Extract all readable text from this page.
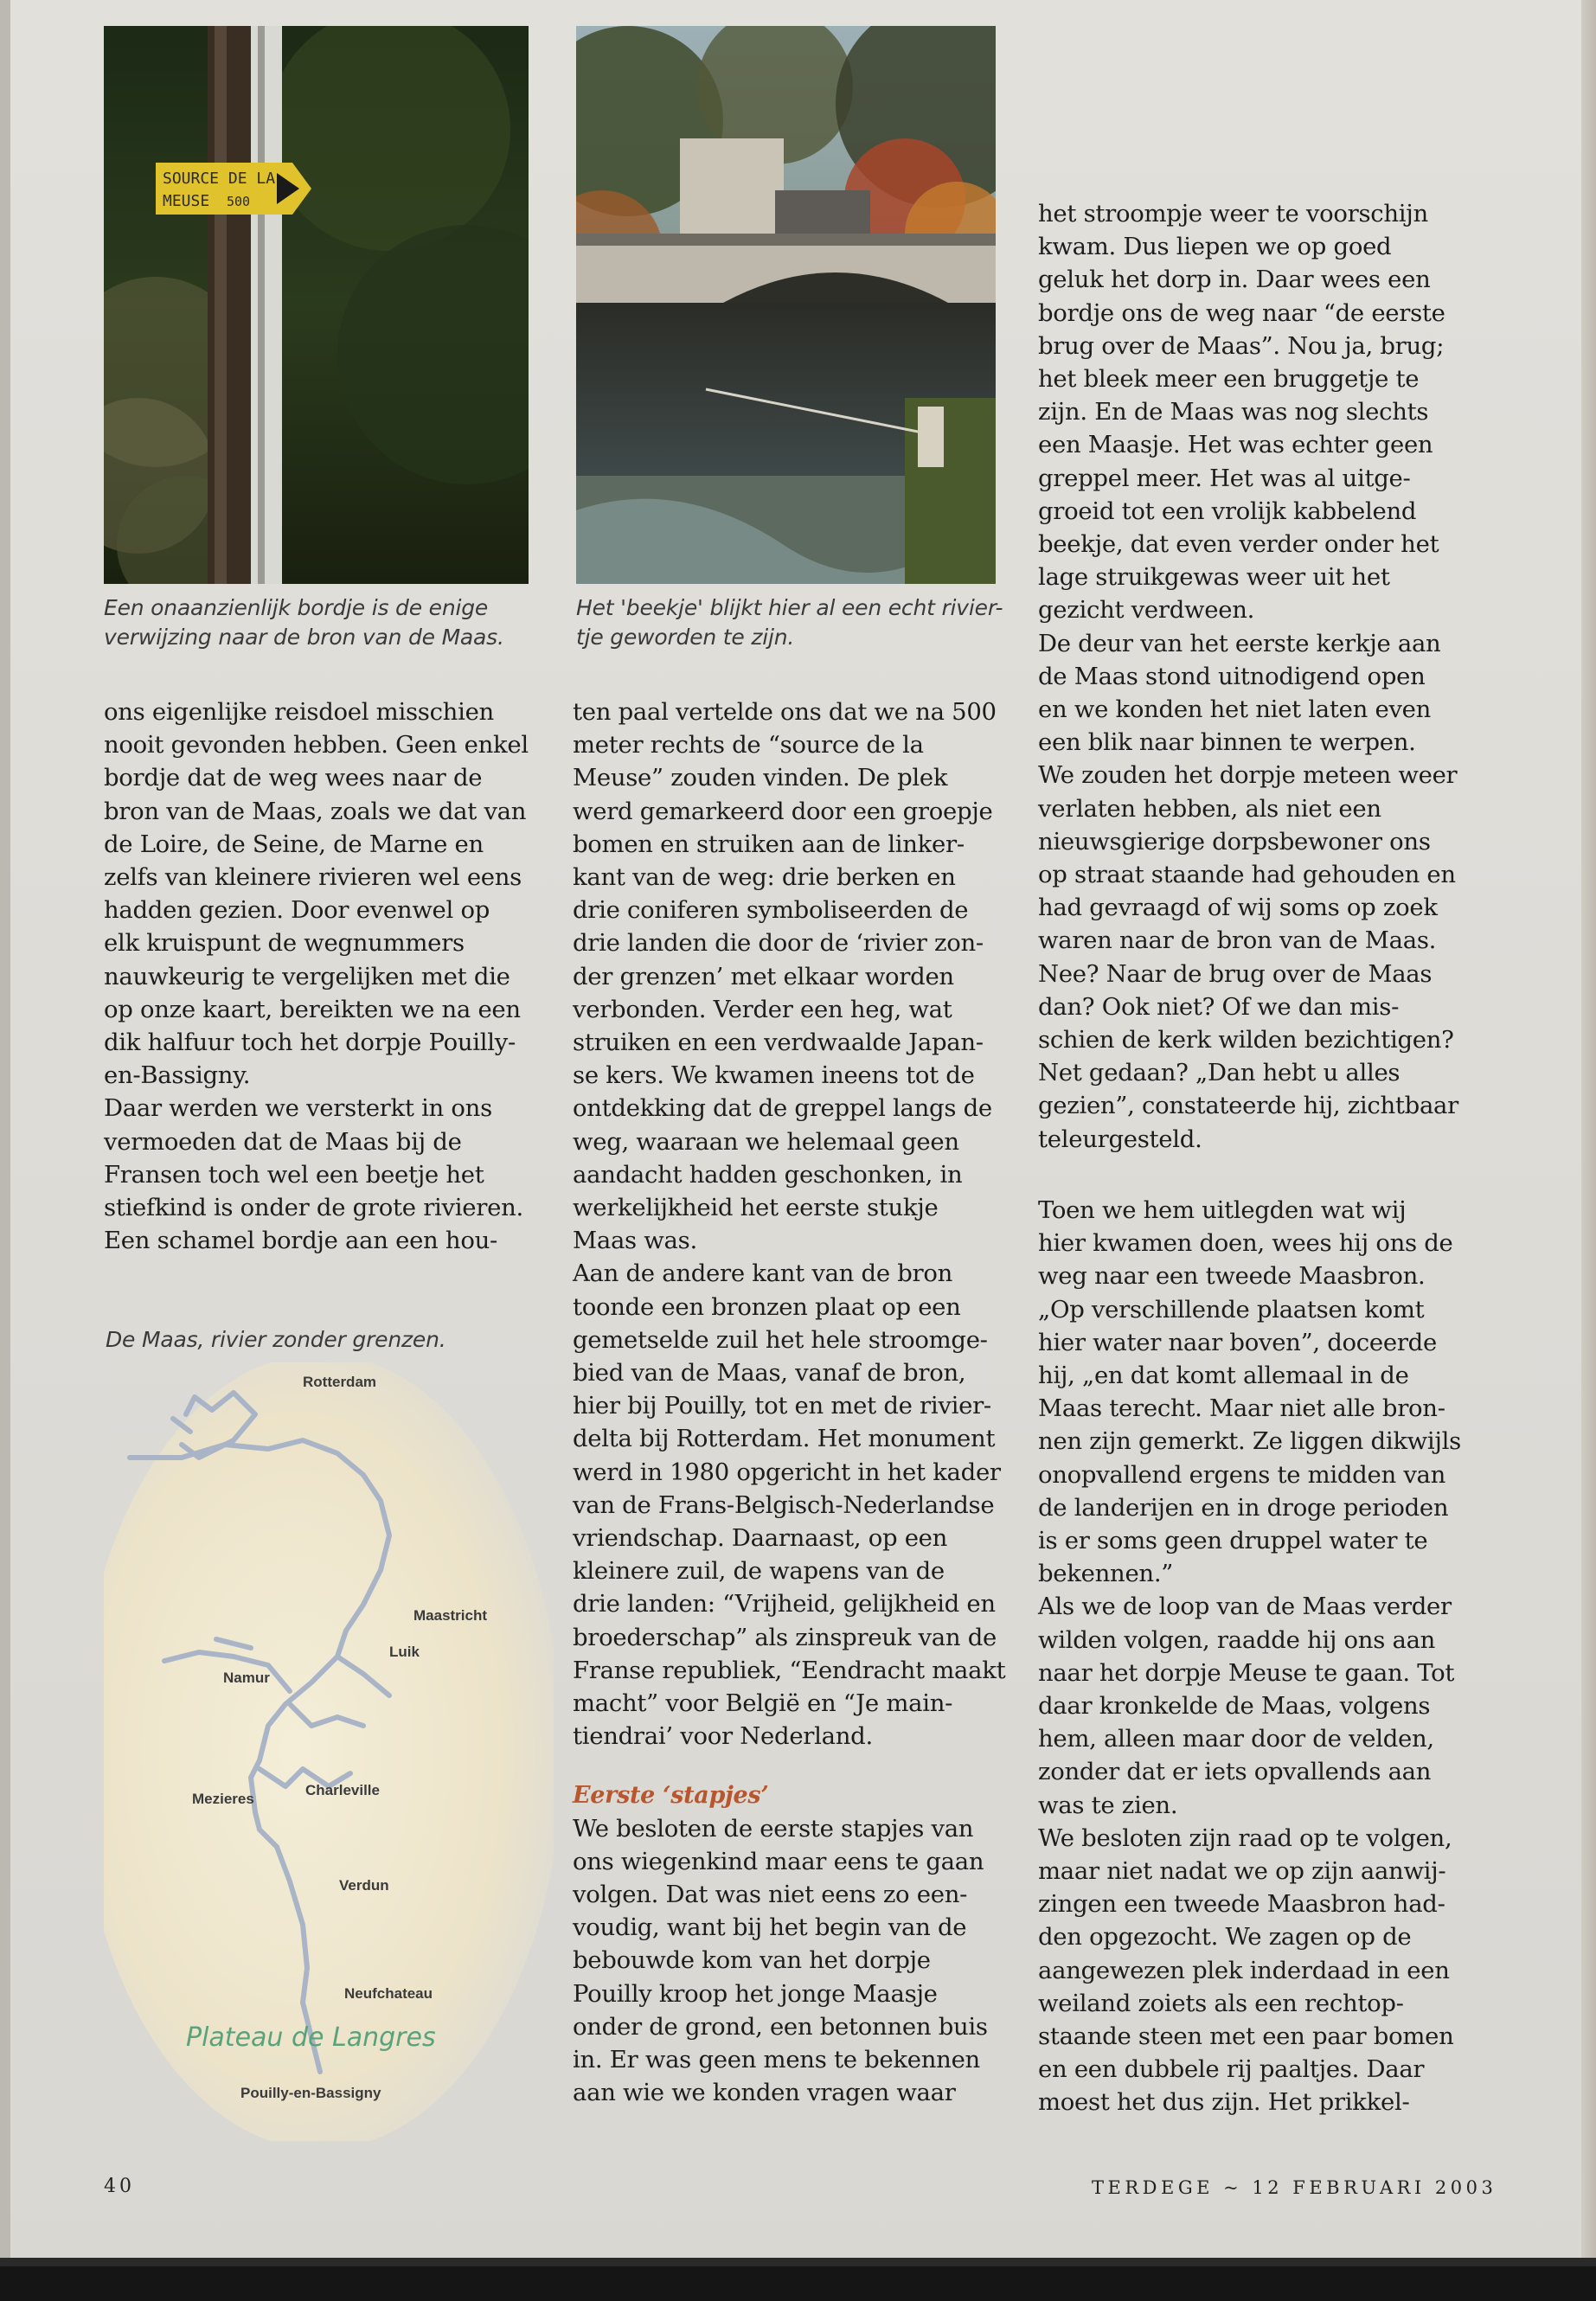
SOURCE DE LA
MEUSE 500
Een onaanzienlijk bordje is de enige
verwijzing naar de bron van de Maas.
Het 'beekje' blijkt hier al een echt rivier-
tje geworden te zijn.

ons eigenlijke reisdoel misschien

nooit gevonden hebben. Geen enkel

bordje dat de weg wees naar de

bron van de Maas, zoals we dat van

de Loire, de Seine, de Marne en

zelfs van kleinere rivieren wel eens

hadden gezien. Door evenwel op

elk kruispunt de wegnummers

nauwkeurig te vergelijken met die

op onze kaart, bereikten we na een

dik halfuur toch het dorpje Pouilly-

en-Bassigny.

Daar werden we versterkt in ons

vermoeden dat de Maas bij de

Fransen toch wel een beetje het

stiefkind is onder de grote rivieren.

Een schamel bordje aan een hou-

De Maas, rivier zonder grenzen.
Rotterdam
Maastricht
Luik
Namur
Mezieres
Charleville
Verdun
Neufchateau
Plateau de Langres
Pouilly-en-Bassigny

ten paal vertelde ons dat we na 500

meter rechts de “source de la

Meuse” zouden vinden. De plek

werd gemarkeerd door een groepje

bomen en struiken aan de linker-

kant van de weg: drie berken en

drie coniferen symboliseerden de

drie landen die door de ‘rivier zon-

der grenzen’ met elkaar worden

verbonden. Verder een heg, wat

struiken en een verdwaalde Japan-

se kers. We kwamen ineens tot de

ontdekking dat de greppel langs de

weg, waaraan we helemaal geen

aandacht hadden geschonken, in

werkelijkheid het eerste stukje

Maas was.

Aan de andere kant van de bron

toonde een bronzen plaat op een

gemetselde zuil het hele stroomge-

bied van de Maas, vanaf de bron,

hier bij Pouilly, tot en met de rivier-

delta bij Rotterdam. Het monument

werd in 1980 opgericht in het kader

van de Frans-Belgisch-Nederlandse

vriendschap. Daarnaast, op een

kleinere zuil, de wapens van de

drie landen: “Vrijheid, gelijkheid en

broederschap” als zinspreuk van de

Franse republiek, “Eendracht maakt

macht” voor België en “Je main-

tiendrai’ voor Nederland.

Eerste ‘stapjes’

We besloten de eerste stapjes van

ons wiegenkind maar eens te gaan

volgen. Dat was niet eens zo een-

voudig, want bij het begin van de

bebouwde kom van het dorpje

Pouilly kroop het jonge Maasje

onder de grond, een betonnen buis

in. Er was geen mens te bekennen

aan wie we konden vragen waar

het stroompje weer te voorschijn

kwam. Dus liepen we op goed

geluk het dorp in. Daar wees een

bordje ons de weg naar “de eerste

brug over de Maas”. Nou ja, brug;

het bleek meer een bruggetje te

zijn. En de Maas was nog slechts

een Maasje. Het was echter geen

greppel meer. Het was al uitge-

groeid tot een vrolijk kabbelend

beekje, dat even verder onder het

lage struikgewas weer uit het

gezicht verdween.

De deur van het eerste kerkje aan

de Maas stond uitnodigend open

en we konden het niet laten even

een blik naar binnen te werpen.

We zouden het dorpje meteen weer

verlaten hebben, als niet een

nieuwsgierige dorpsbewoner ons

op straat staande had gehouden en

had gevraagd of wij soms op zoek

waren naar de bron van de Maas.

Nee? Naar de brug over de Maas

dan? Ook niet? Of we dan mis-

schien de kerk wilden bezichtigen?

Net gedaan? „Dan hebt u alles

gezien”, constateerde hij, zichtbaar

teleurgesteld.

Toen we hem uitlegden wat wij

hier kwamen doen, wees hij ons de

weg naar een tweede Maasbron.

„Op verschillende plaatsen komt

hier water naar boven”, doceerde

hij, „en dat komt allemaal in de

Maas terecht. Maar niet alle bron-

nen zijn gemerkt. Ze liggen dikwijls

onopvallend ergens te midden van

de landerijen en in droge perioden

is er soms geen druppel water te

bekennen.”

Als we de loop van de Maas verder

wilden volgen, raadde hij ons aan

naar het dorpje Meuse te gaan. Tot

daar kronkelde de Maas, volgens

hem, alleen maar door de velden,

zonder dat er iets opvallends aan

was te zien.

We besloten zijn raad op te volgen,

maar niet nadat we op zijn aanwij-

zingen een tweede Maasbron had-

den opgezocht. We zagen op de

aangewezen plek inderdaad in een

weiland zoiets als een rechtop-

staande steen met een paar bomen

en een dubbele rij paaltjes. Daar

moest het dus zijn. Het prikkel-

40	TERDEGE ~ 12 FEBRUARI 2003
